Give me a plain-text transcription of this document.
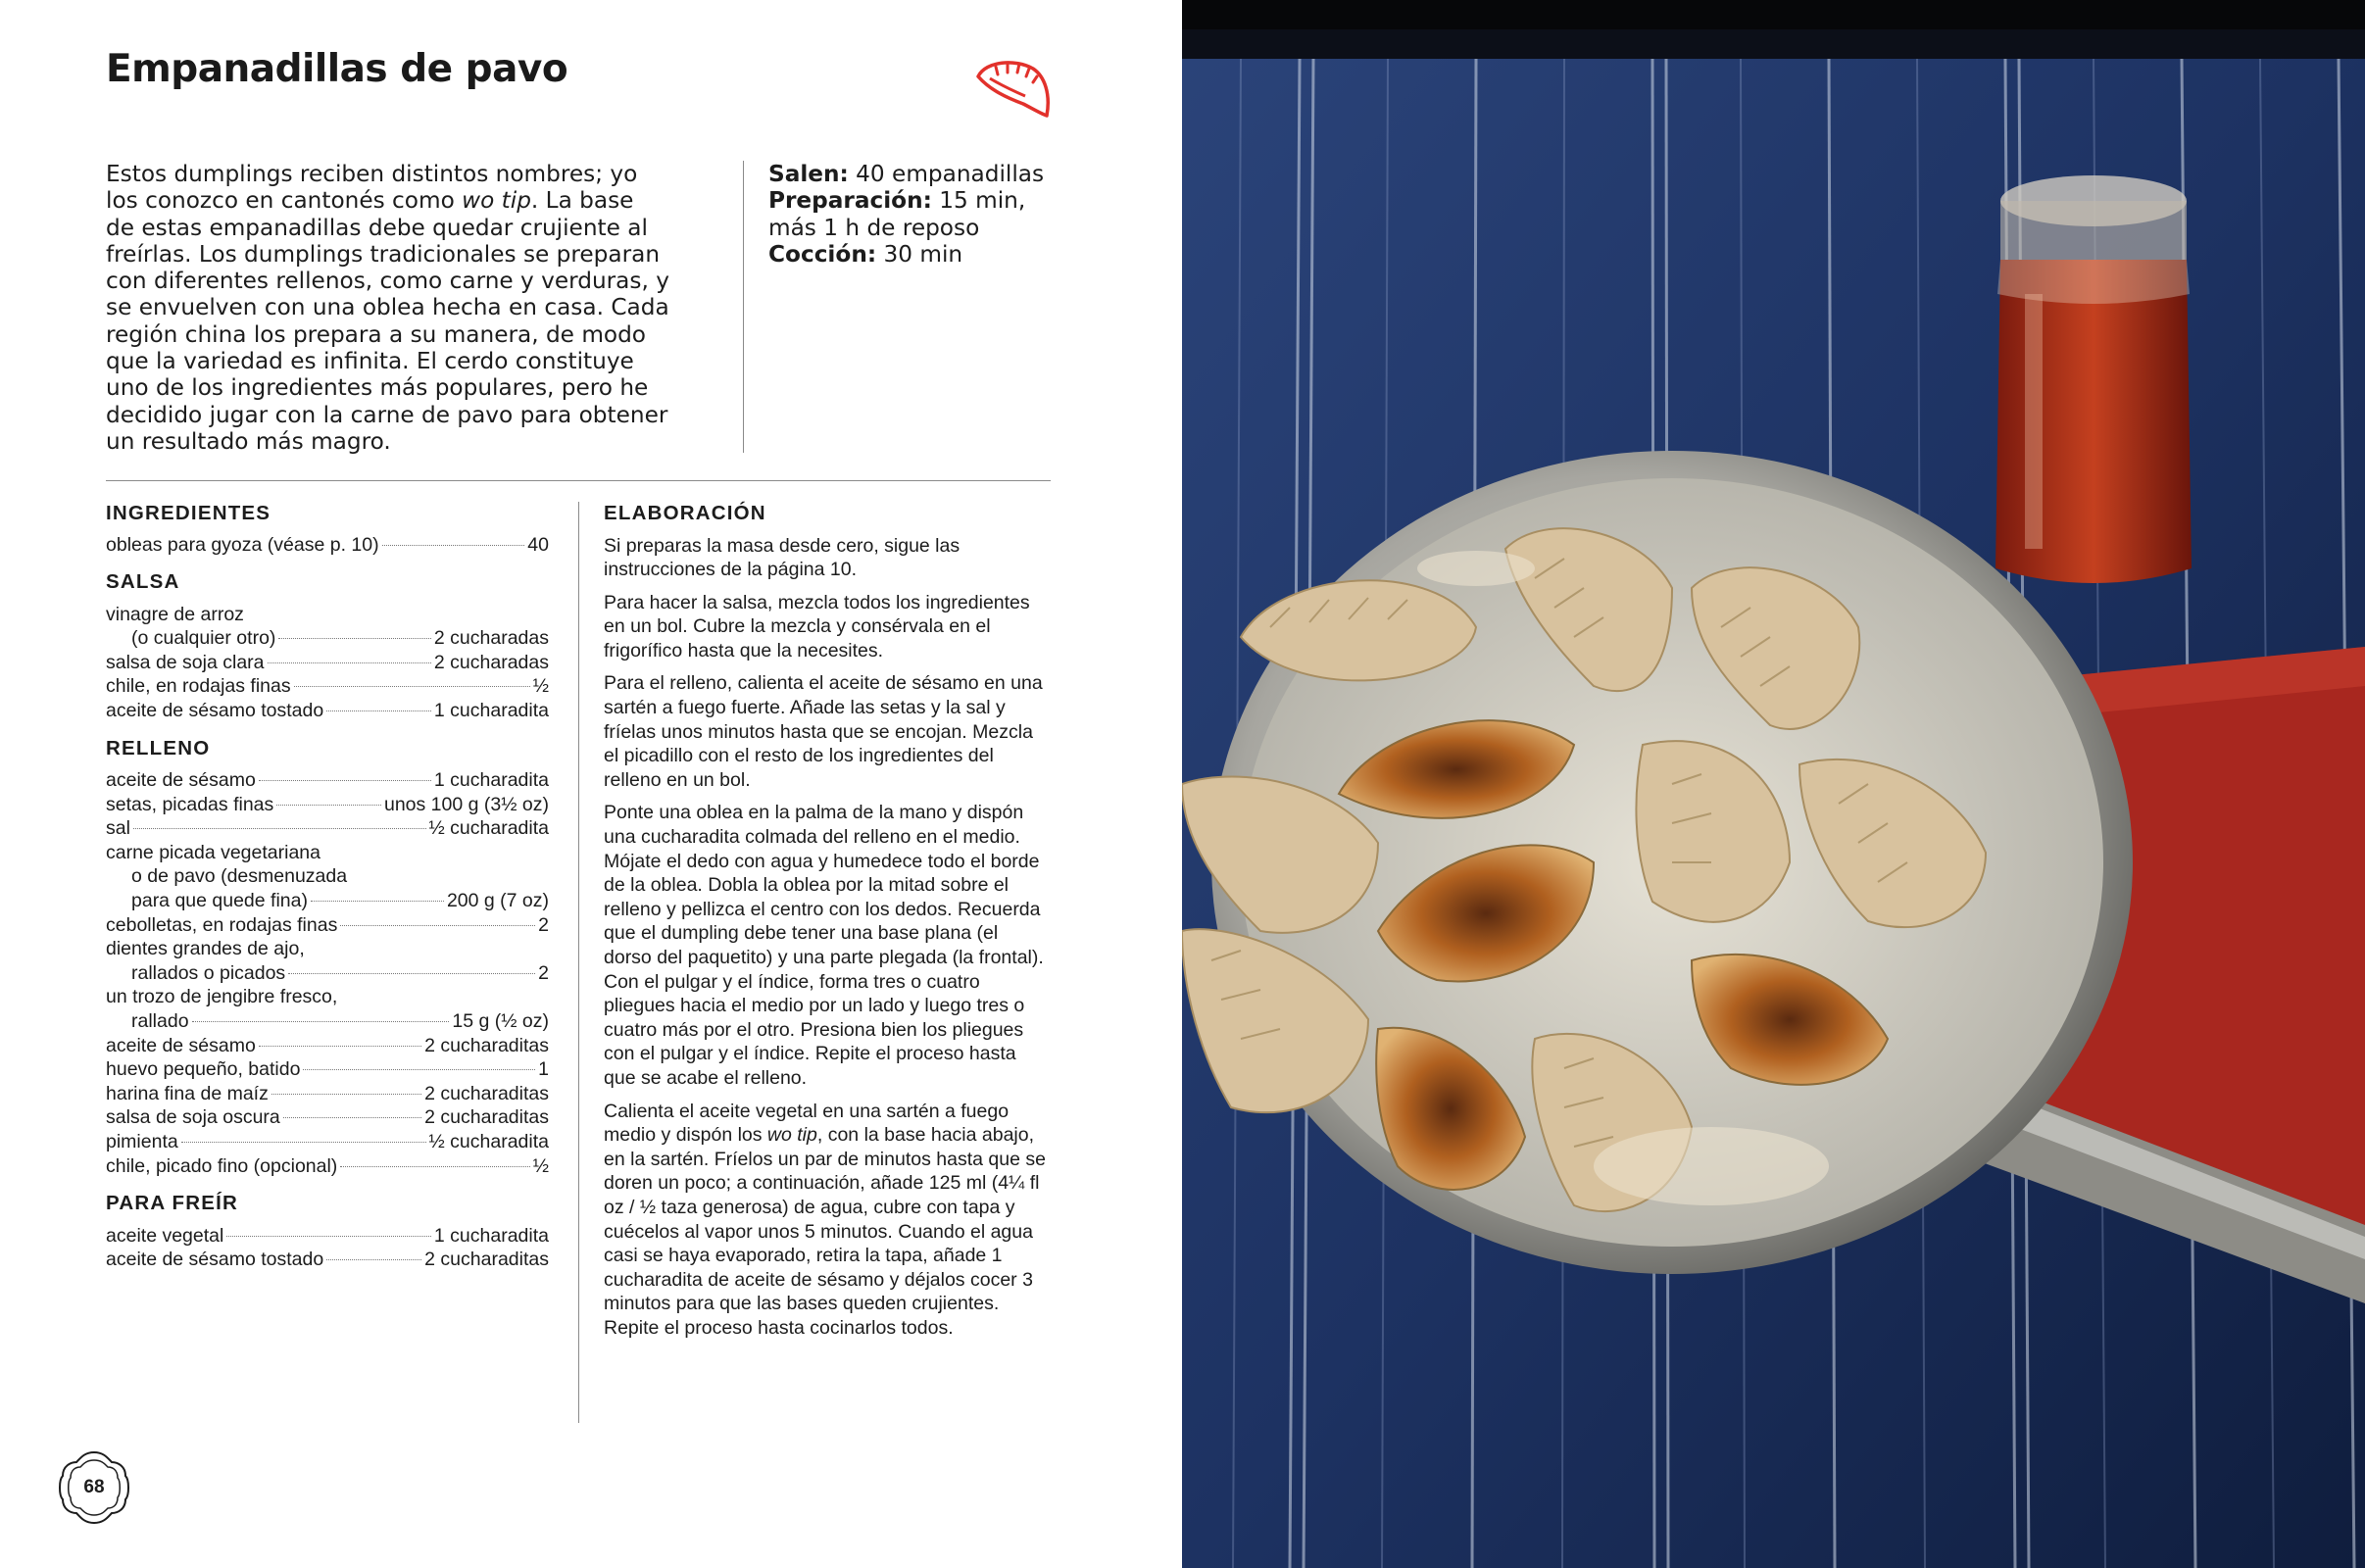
Empanadillas de pavo
Estos dumplings reciben distintos nombres; yo
los conozco en cantonés como wo tip. La base
de estas empanadillas debe quedar crujiente al
freírlas. Los dumplings tradicionales se preparan
con diferentes rellenos, como carne y verduras, y
se envuelven con una oblea hecha en casa. Cada
región china los prepara a su manera, de modo
que la variedad es infinita. El cerdo constituye
uno de los ingredientes más populares, pero he
decidido jugar con la carne de pavo para obtener
un resultado más magro.
Salen: 40 empanadillas
Preparación: 15 min,
más 1 h de reposo
Cocción: 30 min
INGREDIENTES
obleas para gyoza (véase p. 10)	40
SALSA
vinagre de arroz
(o cualquier otro)	2 cucharadas
salsa de soja clara	2 cucharadas
chile, en rodajas finas	½
aceite de sésamo tostado	1 cucharadita
RELLENO
aceite de sésamo	1 cucharadita
setas, picadas finas	unos 100 g (3½ oz)
sal	½ cucharadita
carne picada vegetariana
o de pavo (desmenuzada
para que quede fina)	200 g (7 oz)
cebolletas, en rodajas finas	2
dientes grandes de ajo,
rallados o picados	2
un trozo de jengibre fresco,
rallado	15 g (½ oz)
aceite de sésamo	2 cucharaditas
huevo pequeño, batido	1
harina fina de maíz	2 cucharaditas
salsa de soja oscura	2 cucharaditas
pimienta	½ cucharadita
chile, picado fino (opcional)	½
PARA FREÍR
aceite vegetal	1 cucharadita
aceite de sésamo tostado	2 cucharaditas
ELABORACIÓN

Si preparas la masa desde cero, sigue las instrucciones de la página 10.

Para hacer la salsa, mezcla todos los ingredientes en un bol. Cubre la mezcla y consérvala en el frigorífico hasta que la necesites.

Para el relleno, calienta el aceite de sésamo en una sartén a fuego fuerte. Añade las setas y la sal y fríelas unos minutos hasta que se encojan. Mezcla el picadillo con el resto de los ingredientes del relleno en un bol.

Ponte una oblea en la palma de la mano y dispón una cucharadita colmada del relleno en el medio. Mójate el dedo con agua y humedece todo el borde de la oblea. Dobla la oblea por la mitad sobre el relleno y pellizca el centro con los dedos. Recuerda que el dumpling debe tener una base plana (el dorso del paquetito) y una parte plegada (la frontal). Con el pulgar y el índice, forma tres o cuatro pliegues hacia el medio por un lado y luego tres o cuatro más por el otro. Presiona bien los pliegues con el pulgar y el índice. Repite el proceso hasta que se acabe el relleno.

Calienta el aceite vegetal en una sartén a fuego medio y dispón los wo tip, con la base hacia abajo, en la sartén. Fríelos un par de minutos hasta que se doren un poco; a continuación, añade 125 ml (4¼ fl oz / ½ taza generosa) de agua, cubre con tapa y cuécelos al vapor unos 5 minutos. Cuando el agua casi se haya evaporado, retira la tapa, añade 1 cucharadita de aceite de sésamo y déjalos cocer 3 minutos para que las bases queden crujientes. Repite el proceso hasta cocinarlos todos.

68
